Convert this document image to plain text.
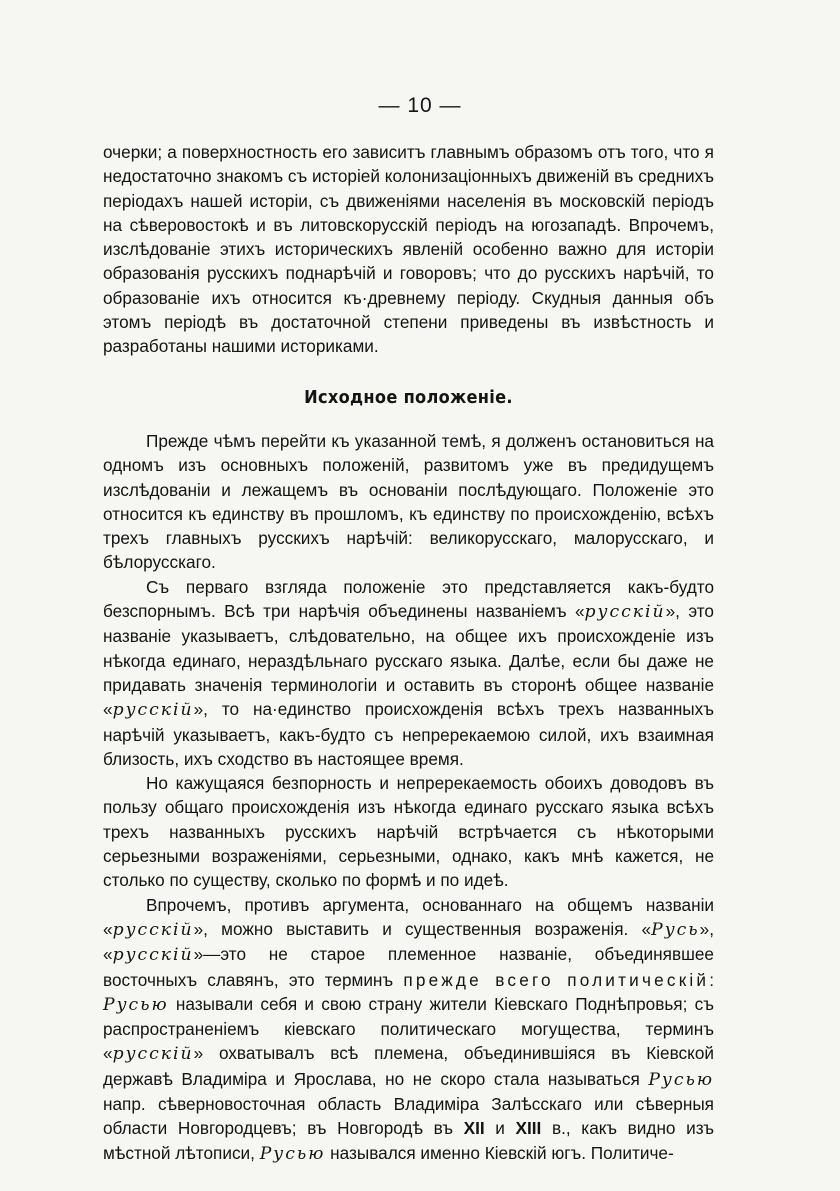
— 10 —

очерки; а поверхностность его зависитъ главнымъ образомъ отъ того, что я недостаточно знакомъ съ исторiей колонизацiонныхъ движенiй въ среднихъ перiодахъ нашей исторiи, съ движенiями населенiя въ московскiй перiодъ на сѣверовостокѣ и въ литовскорусскiй перiодъ на югозападѣ. Впрочемъ, изслѣдованiе этихъ историческихъ явленiй особенно важно для исторiи образованiя русскихъ поднарѣчiй и говоровъ; что до русскихъ нарѣчiй, то образованiе ихъ относится къ·древнему перiоду. Скудныя данныя объ этомъ перiодѣ въ достаточной степени приведены въ извѣстность и разработаны нашими историками.

Исходное положенiе.

Прежде чѣмъ перейти къ указанной темѣ, я долженъ остановиться на одномъ изъ основныхъ положенiй, развитомъ уже въ предидущемъ изслѣдованiи и лежащемъ въ основанiи послѣдующаго. Положенiе это относится къ единству въ прошломъ, къ единству по происхожденiю, всѣхъ трехъ главныхъ русскихъ нарѣчiй: великорусскаго, малорусскаго, и бѣлорусскаго.

Съ перваго взгляда положенiе это представляется какъ-будто безспорнымъ. Всѣ три нарѣчiя объединены названiемъ «русскiй», это названiе указываетъ, слѣдовательно, на общее ихъ происхожденiе изъ нѣкогда единаго, нераздѣльнаго русскаго языка. Далѣе, если бы даже не придавать значенiя терминологiи и оставить въ сторонѣ общее названiе «русскiй», то на·единство происхожденiя всѣхъ трехъ названныхъ нарѣчiй указываетъ, какъ-будто съ непререкаемою силой, ихъ взаимная близость, ихъ сходство въ настоящее время.

Но кажущаяся безпорность и непререкаемость обоихъ доводовъ въ пользу общаго происхожденiя изъ нѣкогда единаго русскаго языка всѣхъ трехъ названныхъ русскихъ нарѣчiй встрѣчается съ нѣкоторыми серьезными возраженiями, серьезными, однако, какъ мнѣ кажется, не столько по существу, сколько по формѣ и по идеѣ.

Впрочемъ, противъ аргумента, основаннаго на общемъ названiи «русскiй», можно выставить и существенныя возраженiя. «Русь», «русскiй»—это не старое племенное названiе, объединявшее восточныхъ славянъ, это терминъ прежде всего политическiй: Русью называли себя и свою страну жители Кiевскаго Поднѣпровья; съ распространенiемъ кiевскаго политическаго могущества, терминъ «русскiй» охватывалъ всѣ племена, объединившiяся въ Кiевской державѣ Владимiра и Ярослава, но не скоро стала называться Русью напр. сѣверновосточная область Владимiра Залѣсскаго или сѣверныя области Новгородцевъ; въ Новгородѣ въ XII и XIII в., какъ видно изъ мѣстной лѣтописи, Русью назывался именно Кiевскiй югъ. Политиче-
